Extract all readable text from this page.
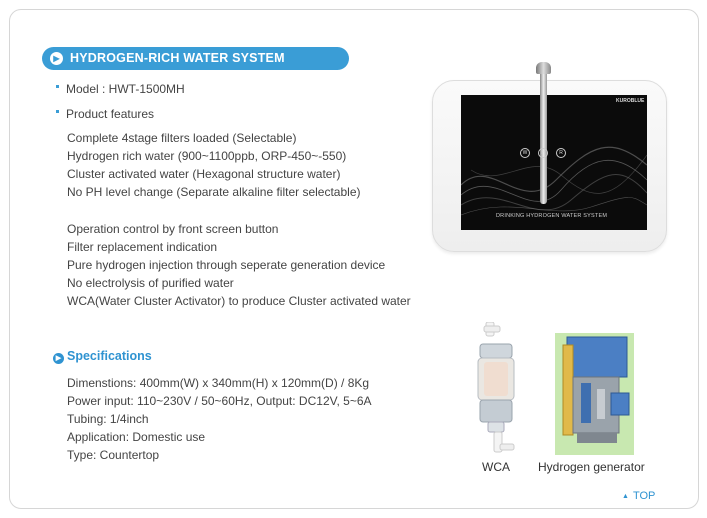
▶ HYDROGEN-RICH WATER SYSTEM
Model : HWT-1500MH
Product features
Complete 4stage filters loaded (Selectable)
Hydrogen rich water (900~1100ppb, ORP-450~-550)
Cluster activated water (Hexagonal structure water)
No PH level change (Separate alkaline filter selectable)
Operation control by front screen button
Filter replacement indication
Pure hydrogen injection through seperate generation device
No electrolysis of purified water
WCA(Water Cluster Activator) to produce Cluster activated water
▶ Specifications
Dimenstions: 400mm(W) x 340mm(H) x 120mm(D) / 8Kg
Power input: 110~230V / 50~60Hz, Output: DC12V, 5~6A
Tubing: 1/4inch
Application: Domestic use
Type: Countertop
KUROBLUE
W	H	R
DRINKING HYDROGEN WATER SYSTEM
WCA Hydrogen generator
▲ TOP
